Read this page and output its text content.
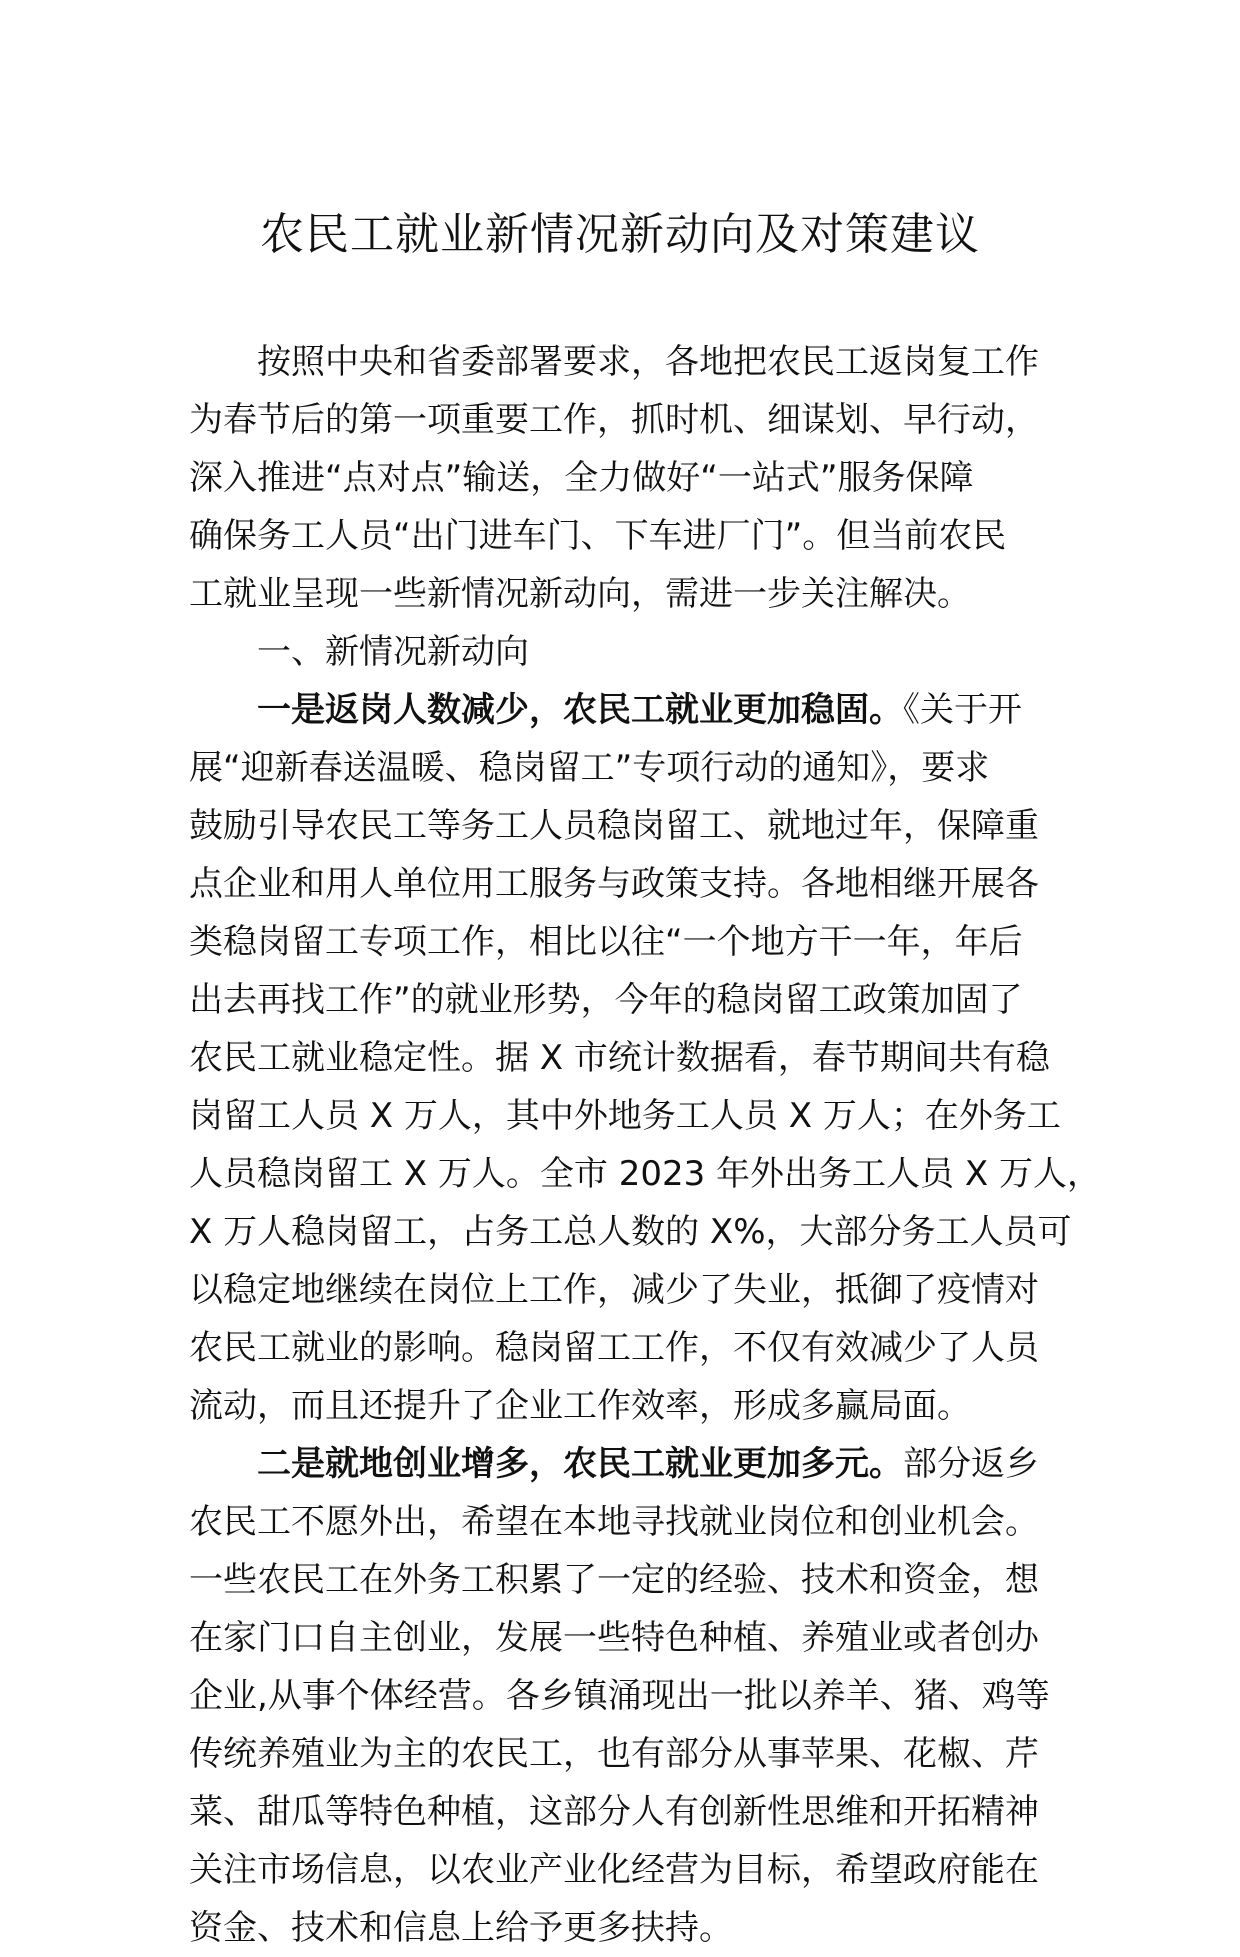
农民工就业新情况新动向及对策建议
按照中央和省委部署要求，各地把农民工返岗复工作
为春节后的第一项重要工作，抓时机、细谋划、早行动，
深入推进“点对点”输送，全力做好“一站式”服务保障
确保务工人员“出门进车门、下车进厂门”。但当前农民
工就业呈现一些新情况新动向，需进一步关注解决。
一、新情况新动向
一是返岗人数减少，农民工就业更加稳固。《关于开
展“迎新春送温暖、稳岗留工”专项行动的通知》，要求
鼓励引导农民工等务工人员稳岗留工、就地过年，保障重
点企业和用人单位用工服务与政策支持。各地相继开展各
类稳岗留工专项工作，相比以往“一个地方干一年，年后
出去再找工作”的就业形势，今年的稳岗留工政策加固了
农民工就业稳定性。据 X 市统计数据看，春节期间共有稳
岗留工人员 X 万人，其中外地务工人员 X 万人；在外务工
人员稳岗留工 X 万人。全市 2023 年外出务工人员 X 万人，
X 万人稳岗留工，占务工总人数的 X%，大部分务工人员可
以稳定地继续在岗位上工作，减少了失业，抵御了疫情对
农民工就业的影响。稳岗留工工作，不仅有效减少了人员
流动，而且还提升了企业工作效率，形成多赢局面。
二是就地创业增多，农民工就业更加多元。部分返乡
农民工不愿外出，希望在本地寻找就业岗位和创业机会。
一些农民工在外务工积累了一定的经验、技术和资金，想
在家门口自主创业，发展一些特色种植、养殖业或者创办
企业,从事个体经营。各乡镇涌现出一批以养羊、猪、鸡等
传统养殖业为主的农民工，也有部分从事苹果、花椒、芹
菜、甜瓜等特色种植，这部分人有创新性思维和开拓精神
关注市场信息，以农业产业化经营为目标，希望政府能在
资金、技术和信息上给予更多扶持。
